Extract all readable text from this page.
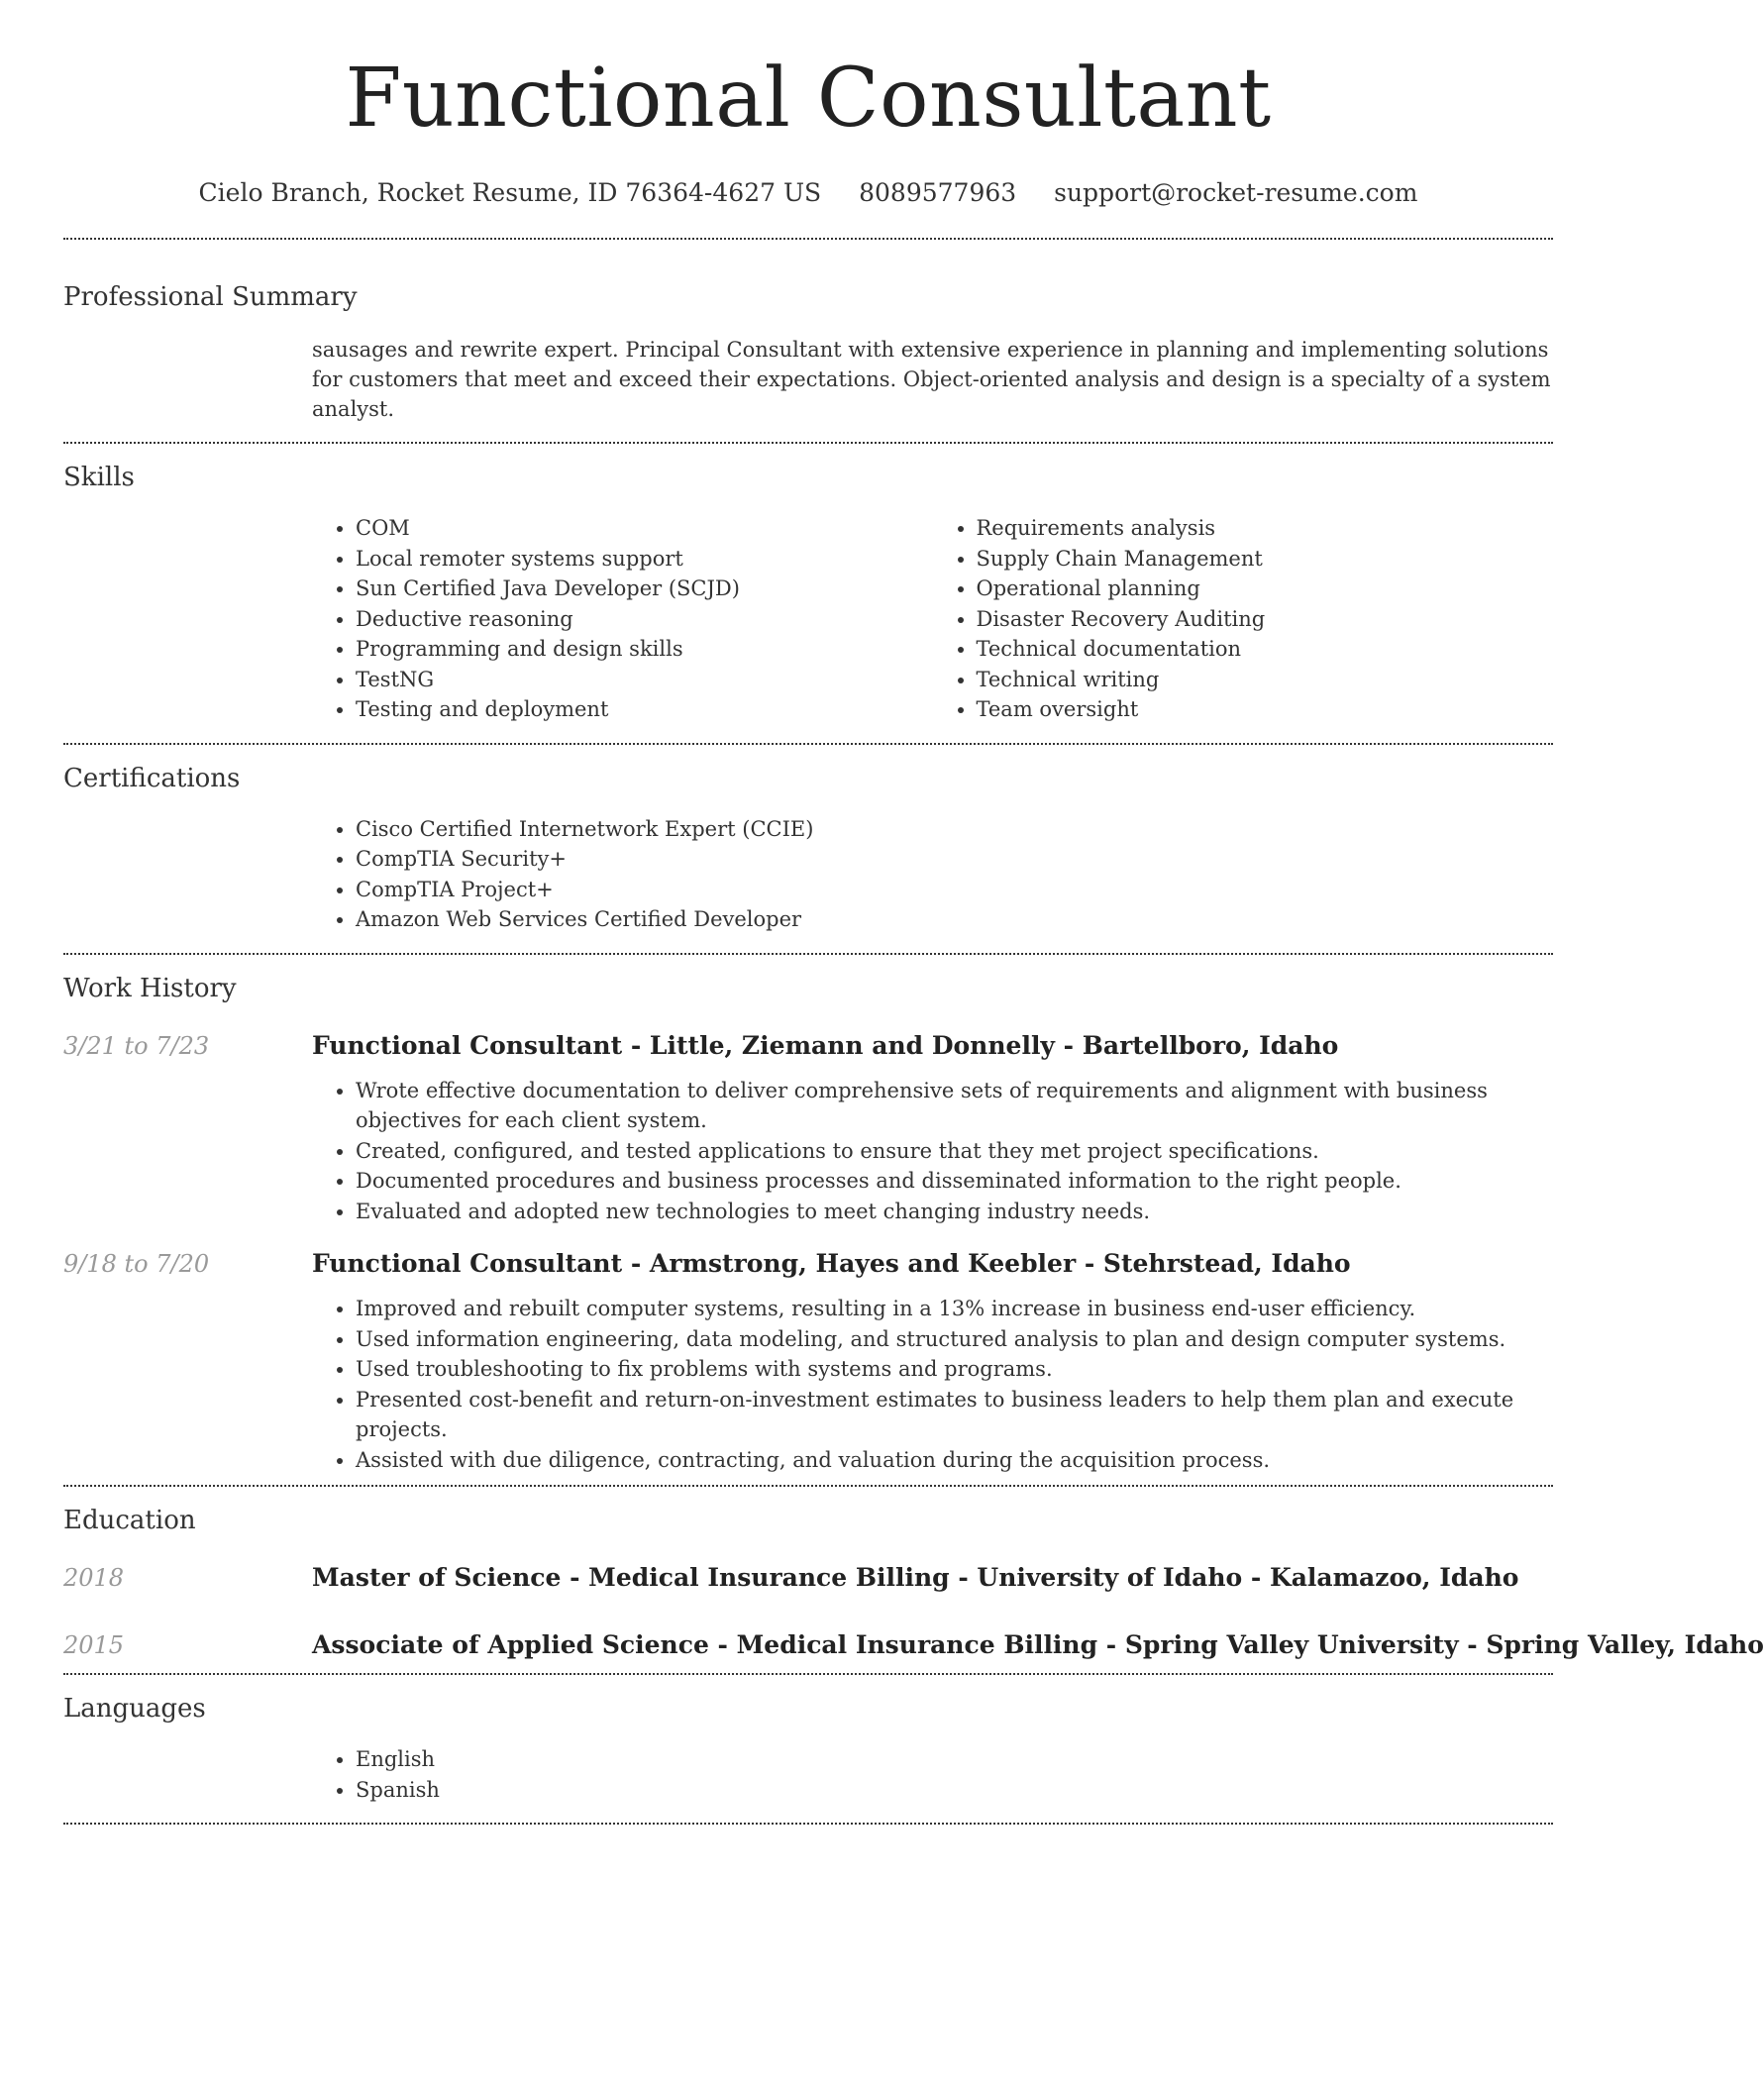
Functional Consultant
Cielo Branch, Rocket Resume, ID 76364-4627 US 8089577963 support@rocket-resume.com
Professional Summary

sausages and rewrite expert. Principal Consultant with extensive experience in planning and implementing solutions for customers that meet and exceed their expectations. Object-oriented analysis and design is a specialty of a system analyst.

Skills
• COM
• Local remoter systems support
• Sun Certified Java Developer (SCJD)
• Deductive reasoning
• Programming and design skills
• TestNG
• Testing and deployment
• Requirements analysis
• Supply Chain Management
• Operational planning
• Disaster Recovery Auditing
• Technical documentation
• Technical writing
• Team oversight
Certifications
• Cisco Certified Internetwork Expert (CCIE)
• CompTIA Security+
• CompTIA Project+
• Amazon Web Services Certified Developer
Work History
3/21 to 7/23	Functional Consultant - Little, Ziemann and Donnelly - Bartellboro, Idaho
• Wrote effective documentation to deliver comprehensive sets of requirements and alignment with business objectives for each client system.
• Created, configured, and tested applications to ensure that they met project specifications.
• Documented procedures and business processes and disseminated information to the right people.
• Evaluated and adopted new technologies to meet changing industry needs.
9/18 to 7/20	Functional Consultant - Armstrong, Hayes and Keebler - Stehrstead, Idaho
• Improved and rebuilt computer systems, resulting in a 13% increase in business end-user efficiency.
• Used information engineering, data modeling, and structured analysis to plan and design computer systems.
• Used troubleshooting to fix problems with systems and programs.
• Presented cost-benefit and return-on-investment estimates to business leaders to help them plan and execute projects.
• Assisted with due diligence, contracting, and valuation during the acquisition process.
Education
2018	Master of Science - Medical Insurance Billing - University of Idaho - Kalamazoo, Idaho
2015	Associate of Applied Science - Medical Insurance Billing - Spring Valley University - Spring Valley, Idaho
Languages
• English
• Spanish
